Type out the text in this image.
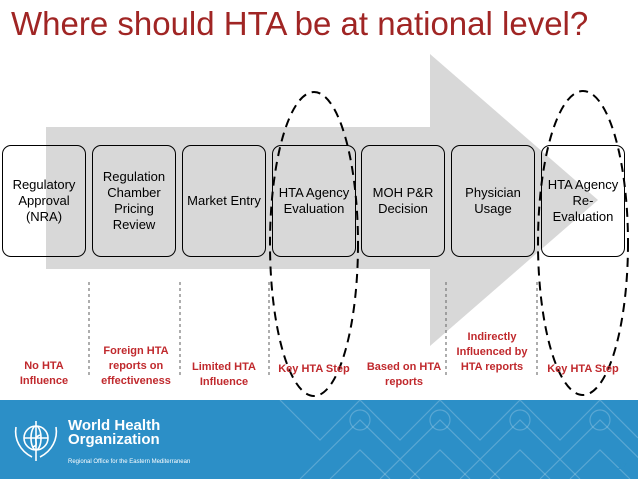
Where should HTA be at national level?
Regulatory Approval (NRA)
Regulation Chamber Pricing Review
Market Entry
HTA Agency Evaluation
MOH P&R Decision
Physician Usage
HTA Agency Re-Evaluation
No HTA Influence
Foreign HTA reports on effectiveness
Limited HTA Influence
Key HTA Step	Based on HTA reports
Indirectly Influenced by HTA reports	Key HTA Step
World Health
Organization
Regional Office for the Eastern Mediterranean	17
